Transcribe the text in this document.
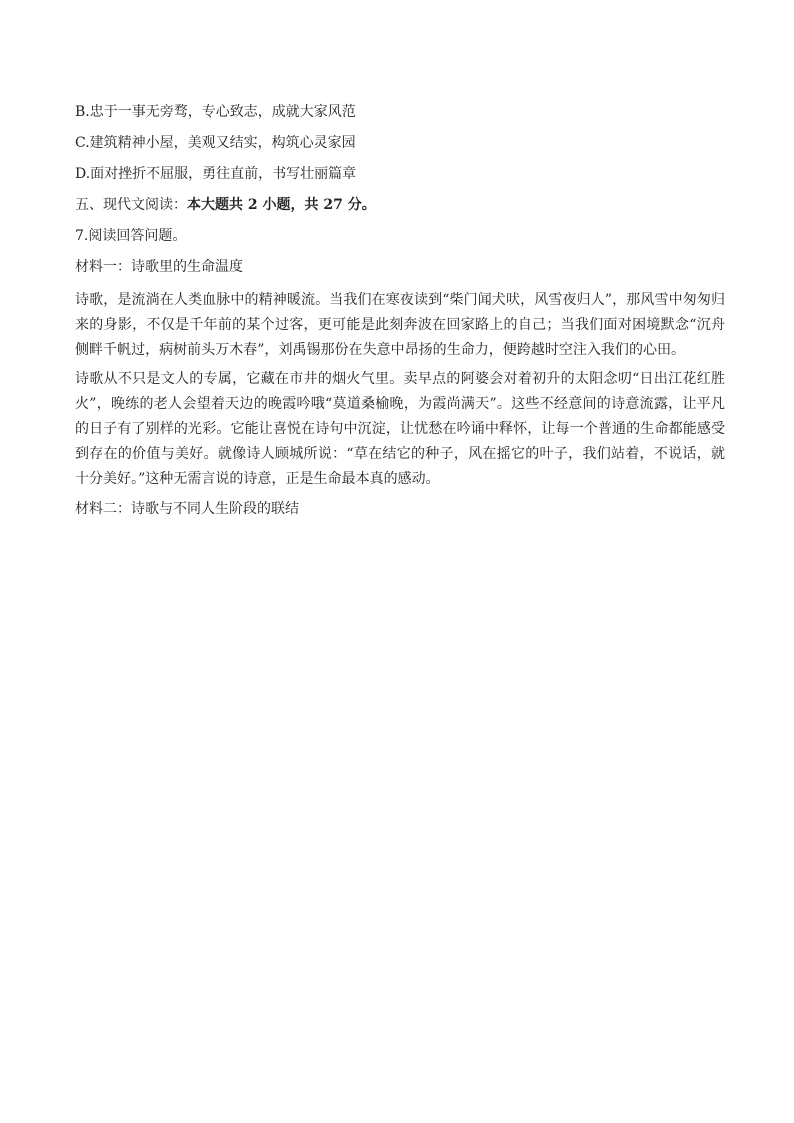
B.忠于一事无旁骛，专心致志，成就大家风范
C.建筑精神小屋，美观又结实，构筑心灵家园
D.面对挫折不屈服，勇往直前，书写壮丽篇章
五、现代文阅读：本大题共 2 小题，共 27 分。
7.阅读回答问题。
材料一：诗歌里的生命温度
诗歌，是流淌在人类血脉中的精神暖流。当我们在寒夜读到“柴门闻犬吠，风雪夜归人”，那风雪中匆匆归来的身影，不仅是千年前的某个过客，更可能是此刻奔波在回家路上的自己；当我们面对困境默念“沉舟侧畔千帆过，病树前头万木春”，刘禹锡那份在失意中昂扬的生命力，便跨越时空注入我们的心田。
诗歌从不只是文人的专属，它藏在市井的烟火气里。卖早点的阿婆会对着初升的太阳念叨“日出江花红胜火”，晚练的老人会望着天边的晚霞吟哦“莫道桑榆晚，为霞尚满天”。这些不经意间的诗意流露，让平凡的日子有了别样的光彩。它能让喜悦在诗句中沉淀，让忧愁在吟诵中释怀，让每一个普通的生命都能感受到存在的价值与美好。就像诗人顾城所说：“草在结它的种子，风在摇它的叶子，我们站着，不说话，就十分美好。”这种无需言说的诗意，正是生命最本真的感动。
材料二：诗歌与不同人生阶段的联结
